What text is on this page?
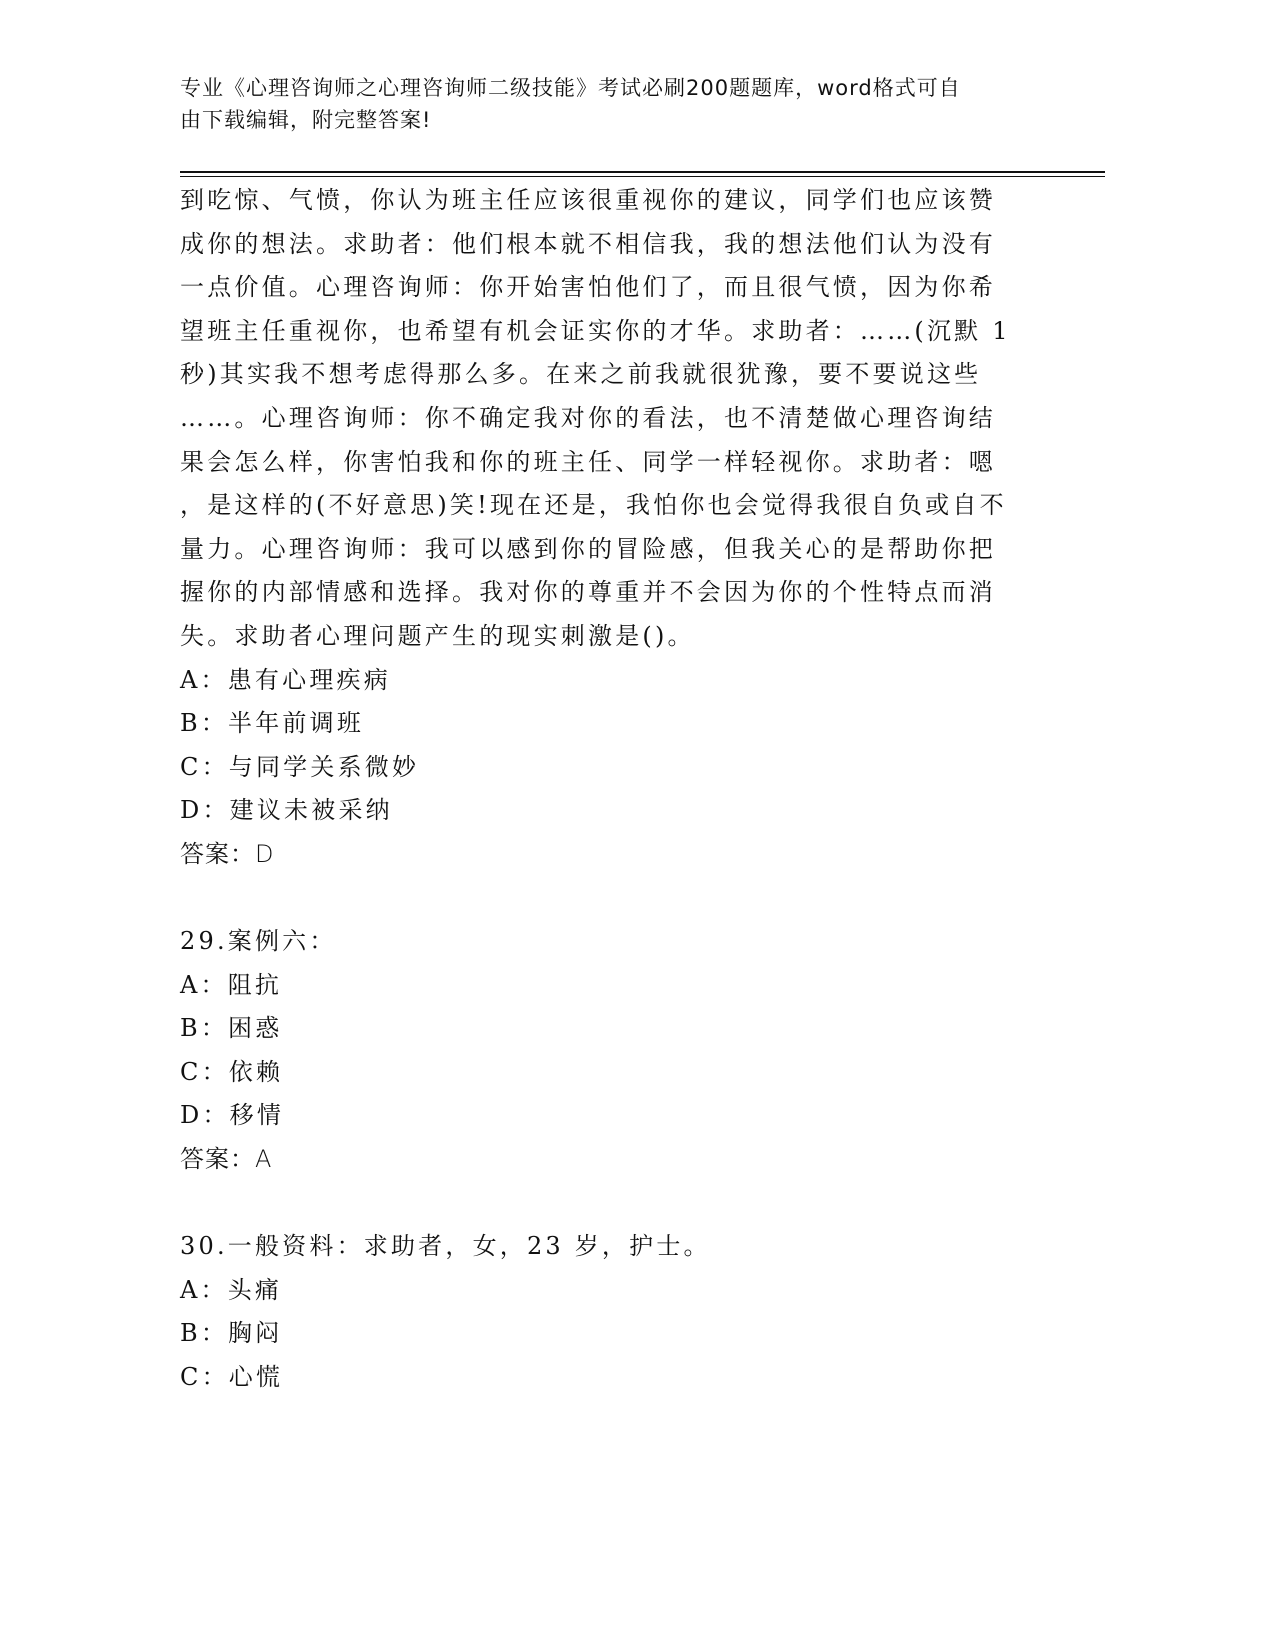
专业《心理咨询师之心理咨询师二级技能》考试必刷200题题库，word格式可自
由下载编辑，附完整答案!
到吃惊、气愤，你认为班主任应该很重视你的建议，同学们也应该赞
成你的想法。求助者：他们根本就不相信我，我的想法他们认为没有
一点价值。心理咨询师：你开始害怕他们了，而且很气愤，因为你希
望班主任重视你，也希望有机会证实你的才华。求助者：……(沉默 1
秒)其实我不想考虑得那么多。在来之前我就很犹豫，要不要说这些
……。心理咨询师：你不确定我对你的看法，也不清楚做心理咨询结
果会怎么样，你害怕我和你的班主任、同学一样轻视你。求助者：嗯
，是这样的(不好意思)笑!现在还是，我怕你也会觉得我很自负或自不
量力。心理咨询师：我可以感到你的冒险感，但我关心的是帮助你把
握你的内部情感和选择。我对你的尊重并不会因为你的个性特点而消
失。求助者心理问题产生的现实刺激是()。
A：患有心理疾病
B：半年前调班
C：与同学关系微妙
D：建议未被采纳
答案：D
29.案例六：
A：阻抗
B：困惑
C：依赖
D：移情
答案：A
30.一般资料：求助者，女，23 岁，护士。
A：头痛
B：胸闷
C：心慌
